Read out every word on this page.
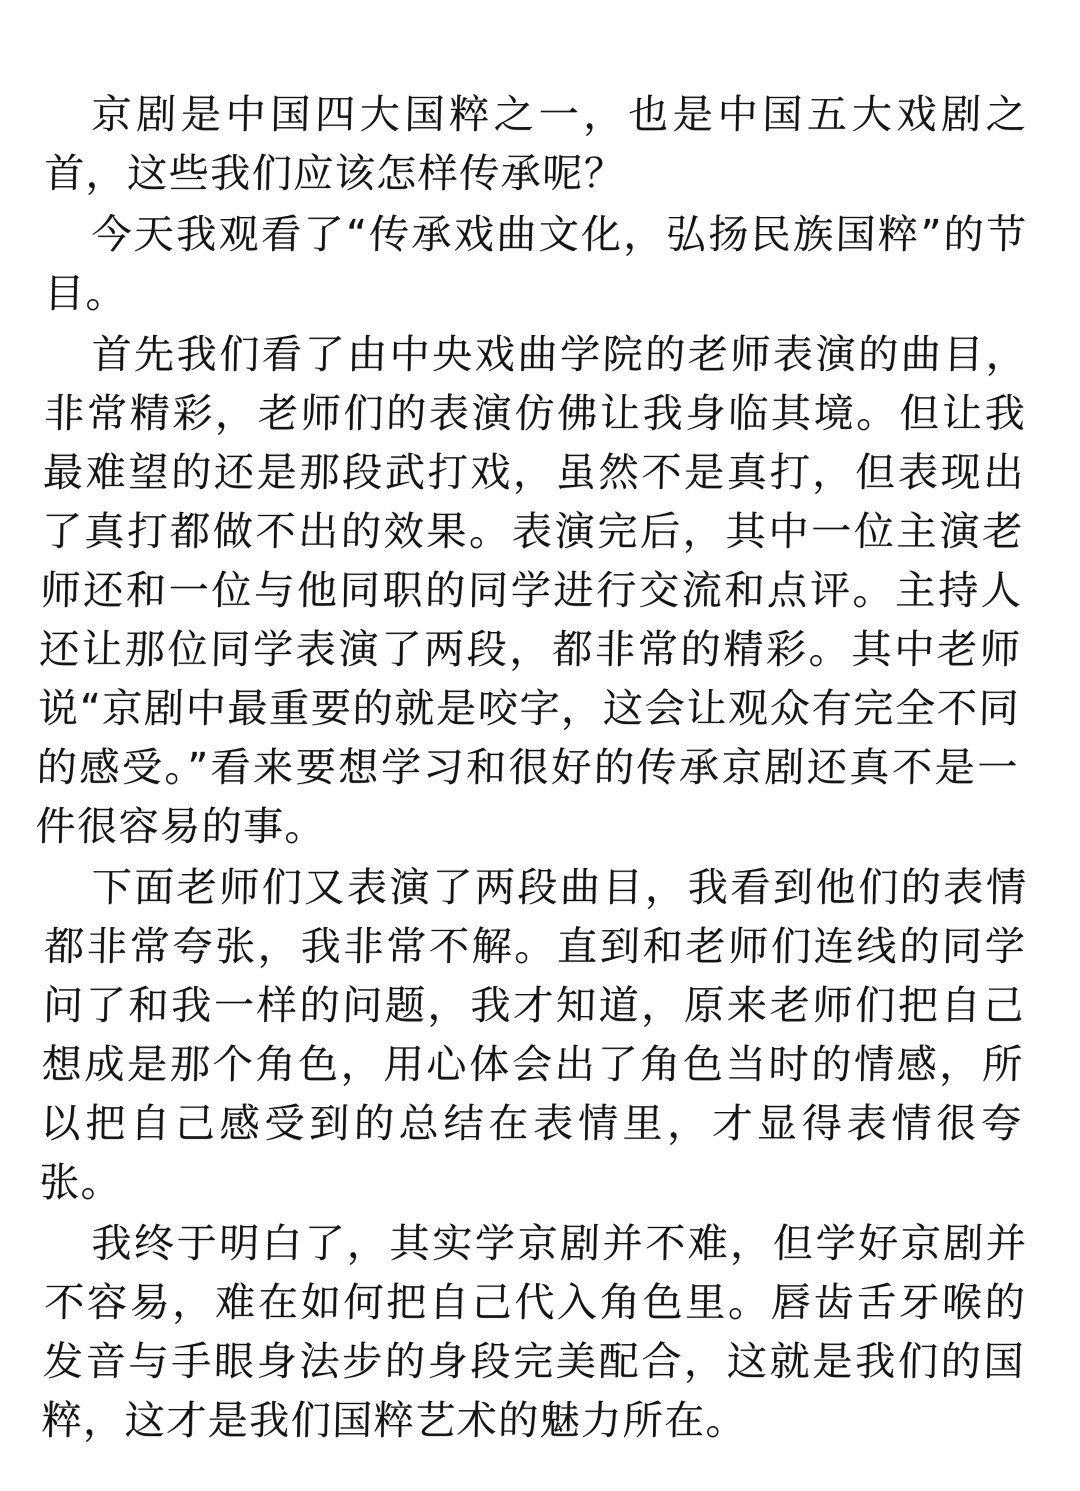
京剧是中国四大国粹之一，也是中国五大戏剧之首，这些我们应该怎样传承呢？

今天我观看了“传承戏曲文化，弘扬民族国粹”的节目。

首先我们看了由中央戏曲学院的老师表演的曲目，非常精彩，老师们的表演仿佛让我身临其境。但让我最难望的还是那段武打戏，虽然不是真打，但表现出了真打都做不出的效果。表演完后，其中一位主演老师还和一位与他同职的同学进行交流和点评。主持人还让那位同学表演了两段，都非常的精彩。其中老师说“京剧中最重要的就是咬字，这会让观众有完全不同的感受。”看来要想学习和很好的传承京剧还真不是一件很容易的事。

下面老师们又表演了两段曲目，我看到他们的表情都非常夸张，我非常不解。直到和老师们连线的同学问了和我一样的问题，我才知道，原来老师们把自己想成是那个角色，用心体会出了角色当时的情感，所以把自己感受到的总结在表情里，才显得表情很夸张。

我终于明白了，其实学京剧并不难，但学好京剧并不容易，难在如何把自己代入角色里。唇齿舌牙喉的发音与手眼身法步的身段完美配合，这就是我们的国粹，这才是我们国粹艺术的魅力所在。
